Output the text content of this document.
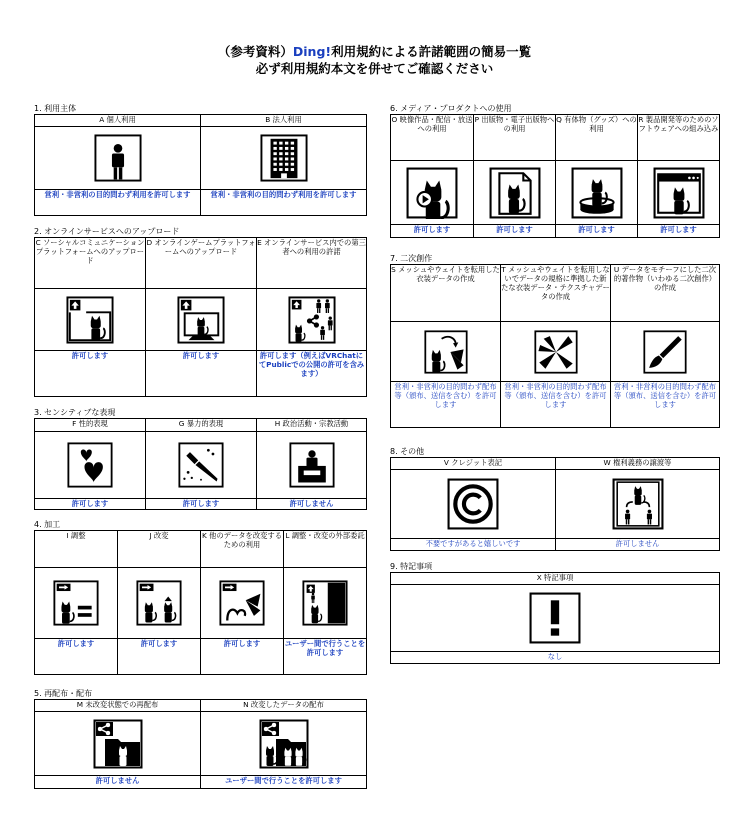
（参考資料）Ding!利用規約による許諾範囲の簡易一覧
必ず利用規約本文を併せてご確認ください
1. 利用主体
A 個人利用	B 法人利用

営利・非営利の目的問わず利用を許可します	営利・非営利の目的問わず利用を許可します
2. オンラインサービスへのアップロード
C ソーシャルコミュニケーションプラットフォームへのアップロード	D オンラインゲームプラットフォームへのアップロード	E オンラインサービス内での第三者への利用の許諾

許可します	許可します	許可します（例えばVRChatにてPublicでの公開の許可を含みます）
3. センシティブな表現
F 性的表現	G 暴力的表現	H 政治活動・宗教活動

許可します	許可します	許可しません
4. 加工
I 調整	J 改変	K 他のデータを改変するための利用	L 調整・改変の外部委託

許可します	許可します	許可します	ユーザー間で行うことを許可します
5. 再配布・配布
M 未改変状態での再配布	N 改変したデータの配布

許可しません	ユーザー間で行うことを許可します
6. メディア・プロダクトへの使用
O 映像作品・配信・放送への利用	P 出版物・電子出版物への利用	Q 有体物（グッズ）への利用	R 製品開発等のためのソフトウェアへの組み込み

許可します	許可します	許可します	許可します
7. 二次創作
S メッシュやウェイトを転用した衣装データの作成	T メッシュやウェイトを転用しないでデータの規格に準拠した新たな衣装データ・テクスチャデータの作成	U データをモチーフにした二次的著作物（いわゆる二次創作）の作成

営利・非営利の目的問わず配布等（頒布、送信を含む）を許可します	営利・非営利の目的問わず配布等（頒布、送信を含む）を許可します	営利・非営利の目的問わず配布等（頒布、送信を含む）を許可します
8. その他
V クレジット表記	W 権利義務の譲渡等

不要ですがあると嬉しいです	許可しません
9. 特記事項
X 特記事項

なし
